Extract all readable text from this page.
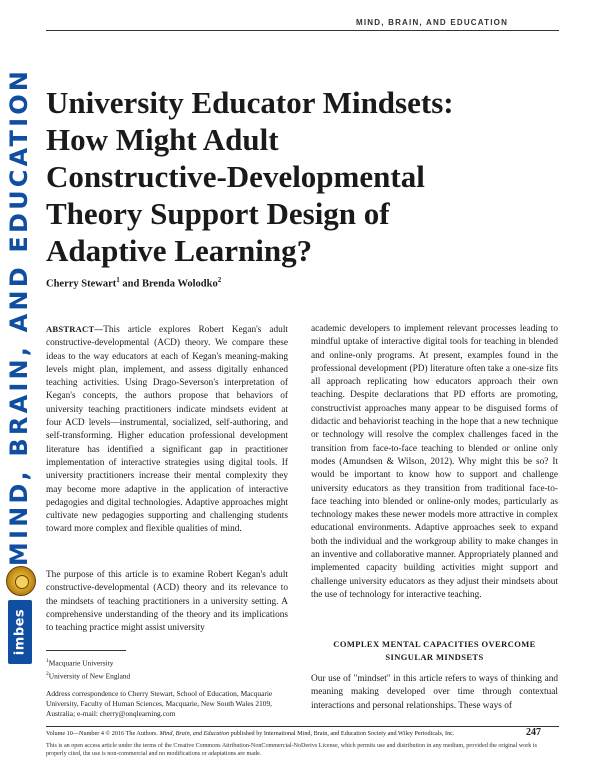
MIND, BRAIN, AND EDUCATION
MIND, BRAIN, AND EDUCATION
imbes
University Educator Mindsets:
How Might Adult
Constructive-Developmental
Theory Support Design of
Adaptive Learning?
Cherry Stewart$^1$ and Brenda Wolodko$^2$
ABSTRACT—This article explores Robert Kegan's adult constructive-developmental (ACD) theory. We compare these ideas to the way educators at each of Kegan's meaning-making levels might plan, implement, and assess digitally enhanced teaching activities. Using Drago-Severson's interpretation of Kegan's concepts, the authors propose that behaviors of university teaching practitioners indicate mindsets evident at four ACD levels—instrumental, socialized, self-authoring, and self-transforming. Higher education professional development literature has identified a significant gap in practitioner implementation of interactive strategies using digital tools. If university practitioners increase their mental complexity they may become more adaptive in the application of interactive pedagogies and digital technologies. Adaptive approaches might cultivate new pedagogies supporting and challenging students toward more complex and flexible qualities of mind.
The purpose of this article is to examine Robert Kegan's adult constructive-developmental (ACD) theory and its relevance to the mindsets of teaching practitioners in a university setting. A comprehensive understanding of the theory and its implications to teaching practice might assist university
$^1$Macquarie University
$^2$University of New England
Address correspondence to Cherry Stewart, School of Education, Macquarie University, Faculty of Human Sciences, Macquarie, New South Wales 2109, Australia; e-mail: cherry@onqlearning.com
academic developers to implement relevant processes leading to mindful uptake of interactive digital tools for teaching in blended and online-only programs. At present, examples found in the professional development (PD) literature often take a one-size fits all approach replicating how educators approach their own teaching. Despite declarations that PD efforts are promoting, constructivist approaches many appear to be disguised forms of didactic and behaviorist teaching in the hope that a new technique or technology will resolve the complex challenges faced in the transition from face-to-face teaching to blended or online only modes (Amundsen & Wilson, 2012). Why might this be so? It would be important to know how to support and challenge university educators as they transition from traditional face-to-face teaching into blended or online-only modes, particularly as technology makes these newer models more attractive in complex educational environments. Adaptive approaches seek to expand both the individual and the workgroup ability to make changes in an inventive and collaborative manner. Appropriately planned and implemented capacity building activities might support and challenge university educators as they adjust their mindsets about the use of technology for interactive teaching.
COMPLEX MENTAL CAPACITIES OVERCOME
SINGULAR MINDSETS
Our use of "mindset" in this article refers to ways of thinking and meaning making developed over time through contextual interactions and personal relationships. These ways of
Volume 10—Number 4 © 2016 The Authors. Mind, Brain, and Education published by International Mind, Brain, and Education Society and Wiley Periodicals, Inc.	247
This is an open access article under the terms of the Creative Commons Attribution-NonCommercial-NoDerivs License, which permits use and distribution in any medium, provided the original work is properly cited, the use is non-commercial and no modifications or adaptations are made.
